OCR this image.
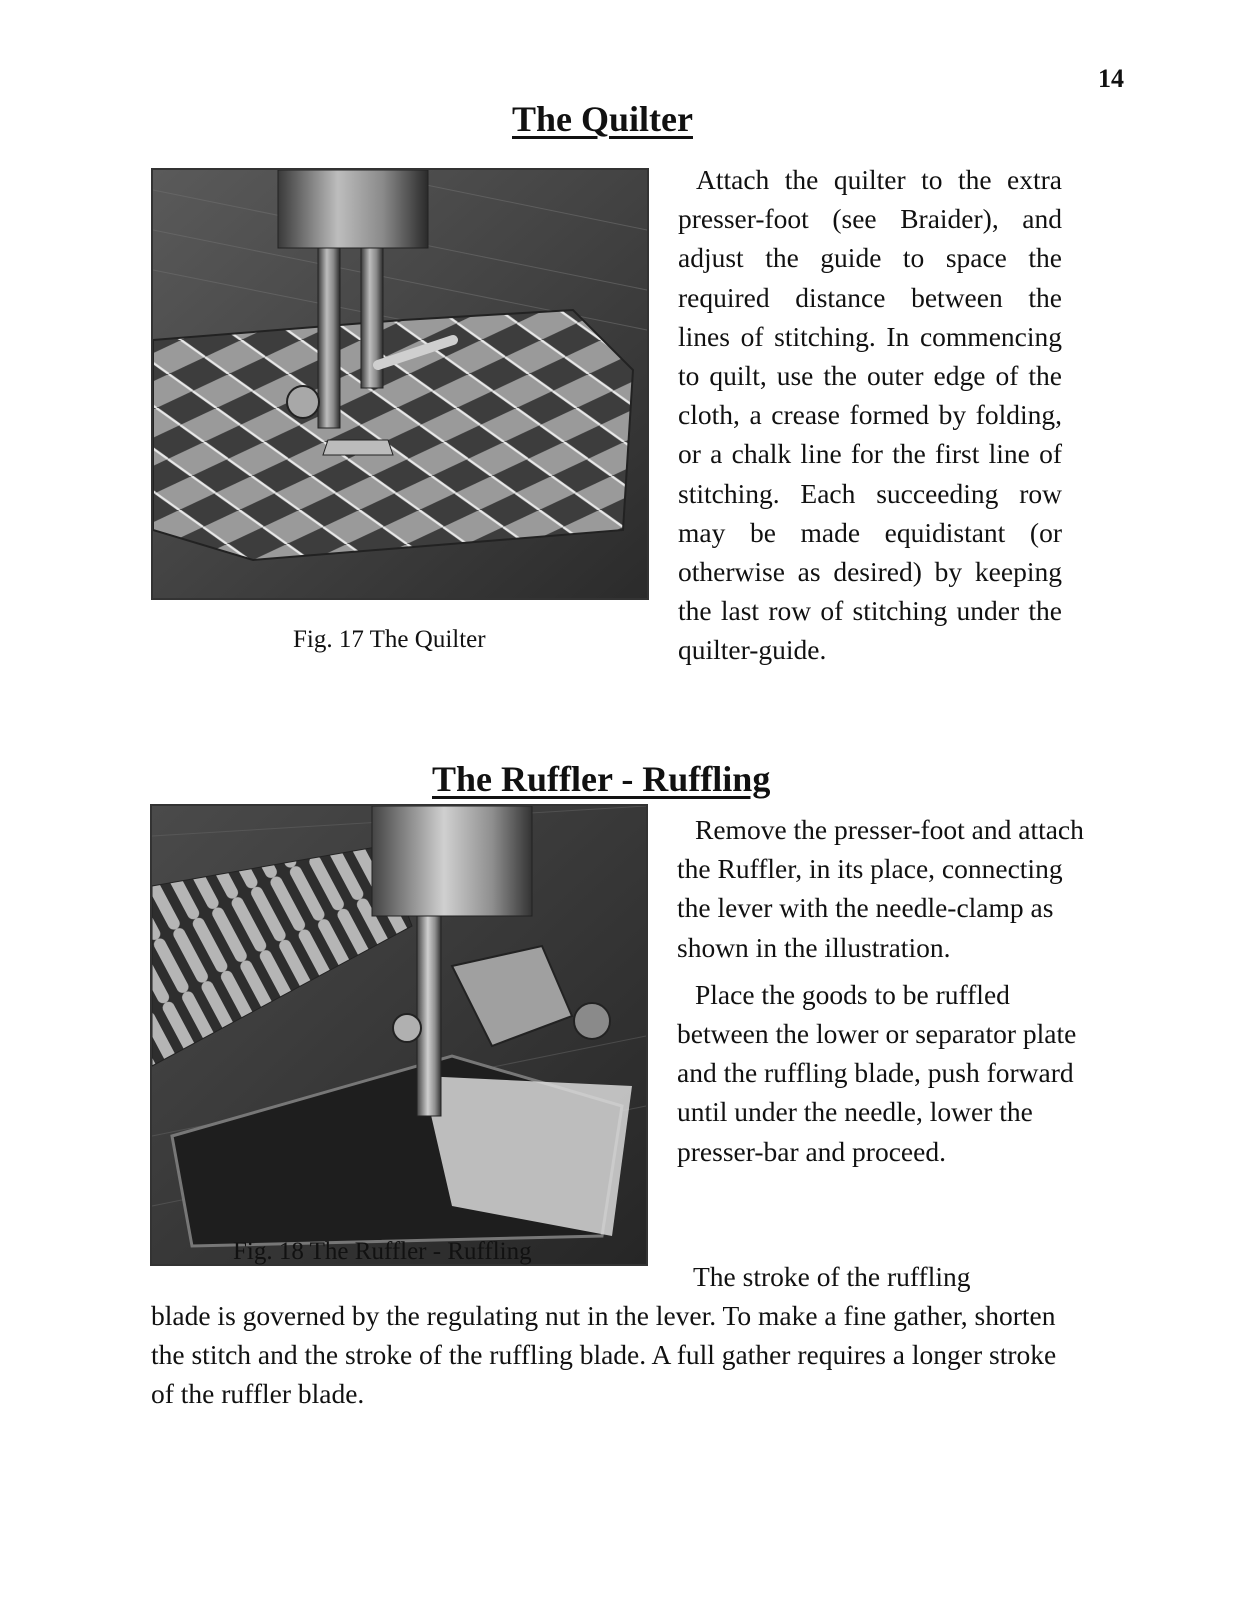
14
The Quilter
Fig. 17 The Quilter

Attach the quilter to the extra presser-foot (see Braider), and adjust the guide to space the required distance between the lines of stitching. In commencing to quilt, use the outer edge of the cloth, a crease formed by folding, or a chalk line for the first line of stitching. Each succeeding row may be made equidistant (or otherwise as desired) by keeping the last row of stitching under the quilter-guide.

The Ruffler - Ruffling
Fig. 18 The Ruffler - Ruffling

Remove the presser-foot and attach the Ruffler, in its place, connecting the lever with the needle-clamp as shown in the illustration.

Place the goods to be ruffled between the lower or separator plate and the ruffling blade, push forward until under the needle, lower the presser-bar and proceed.

The stroke of the ruffling
blade is governed by the regulating nut in the lever. To make a fine gather, shorten the stitch and the stroke of the ruffling blade. A full gather requires a longer stroke of the ruffler blade.
